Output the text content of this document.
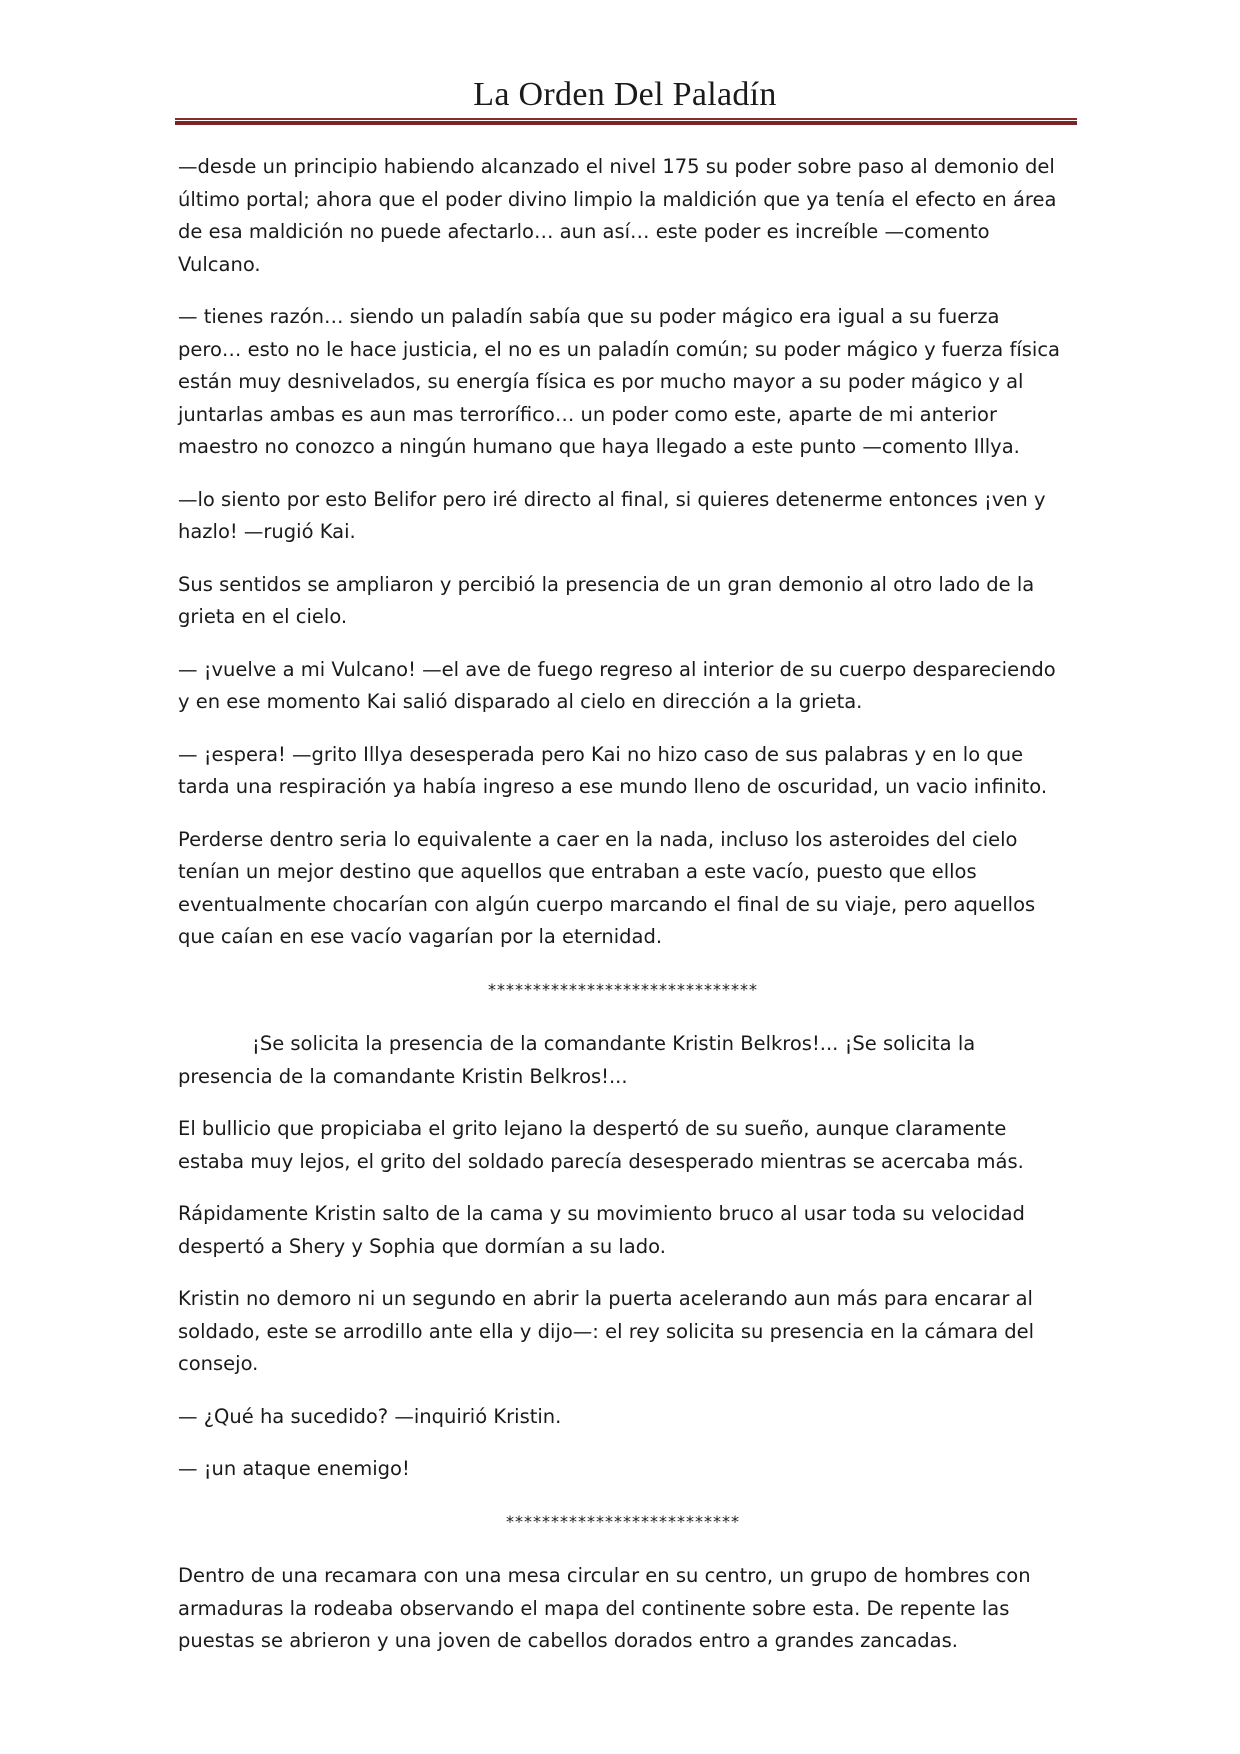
La Orden Del Paladín

—desde un principio habiendo alcanzado el nivel 175 su poder sobre paso al demonio del último portal; ahora que el poder divino limpio la maldición que ya tenía el efecto en área de esa maldición no puede afectarlo… aun así… este poder es increíble —comento Vulcano.

— tienes razón… siendo un paladín sabía que su poder mágico era igual a su fuerza pero… esto no le hace justicia, el no es un paladín común; su poder mágico y fuerza física están muy desnivelados, su energía física es por mucho mayor a su poder mágico y al juntarlas ambas es aun mas terrorífico… un poder como este, aparte de mi anterior maestro no conozco a ningún humano que haya llegado a este punto —comento Illya.

—lo siento por esto Belifor pero iré directo al final, si quieres detenerme entonces ¡ven y hazlo! —rugió Kai.

Sus sentidos se ampliaron y percibió la presencia de un gran demonio al otro lado de la grieta en el cielo.

— ¡vuelve a mi Vulcano! —el ave de fuego regreso al interior de su cuerpo despareciendo y en ese momento Kai salió disparado al cielo en dirección a la grieta.

— ¡espera! —grito Illya desesperada pero Kai no hizo caso de sus palabras y en lo que tarda una respiración ya había ingreso a ese mundo lleno de oscuridad, un vacio infinito.

Perderse dentro seria lo equivalente a caer en la nada, incluso los asteroides del cielo tenían un mejor destino que aquellos que entraban a este vacío, puesto que ellos eventualmente chocarían con algún cuerpo marcando el final de su viaje, pero aquellos que caían en ese vacío vagarían por la eternidad.

******************************

¡Se solicita la presencia de la comandante Kristin Belkros!... ¡Se solicita la presencia de la comandante Kristin Belkros!...

El bullicio que propiciaba el grito lejano la despertó de su sueño, aunque claramente estaba muy lejos, el grito del soldado parecía desesperado mientras se acercaba más.

Rápidamente Kristin salto de la cama y su movimiento bruco al usar toda su velocidad despertó a Shery y Sophia que dormían a su lado.

Kristin no demoro ni un segundo en abrir la puerta acelerando aun más para encarar al soldado, este se arrodillo ante ella y dijo—: el rey solicita su presencia en la cámara del consejo.

— ¿Qué ha sucedido? —inquirió Kristin.

— ¡un ataque enemigo!

**************************

Dentro de una recamara con una mesa circular en su centro, un grupo de hombres con armaduras la rodeaba observando el mapa del continente sobre esta. De repente las puestas se abrieron y una joven de cabellos dorados entro a grandes zancadas.
